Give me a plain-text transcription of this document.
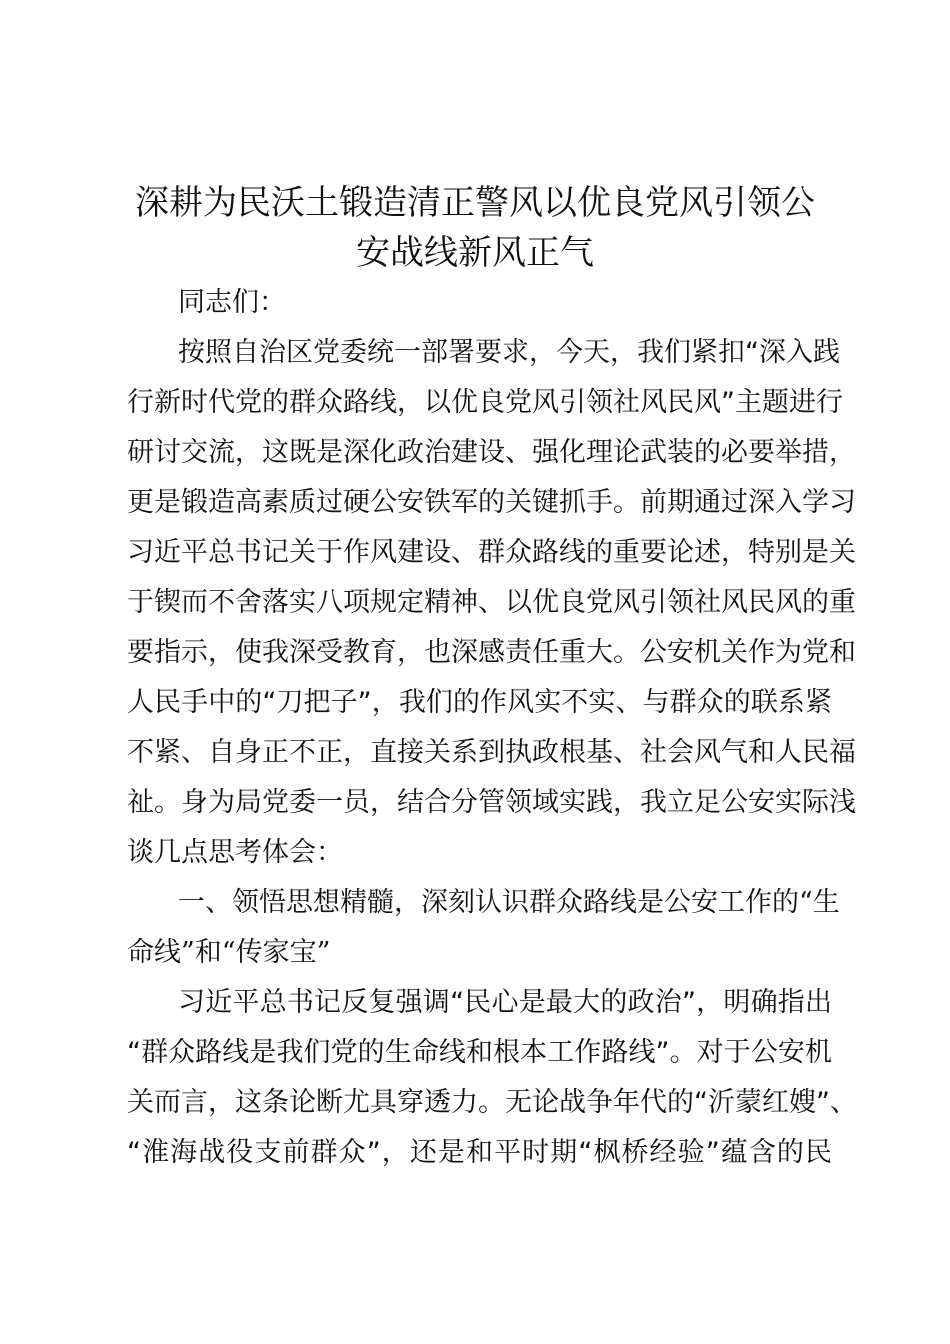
深耕为民沃土锻造清正警风以优良党风引领公
安战线新风正气
同志们：
按照自治区党委统一部署要求，今天，我们紧扣“深入践
行新时代党的群众路线，以优良党风引领社风民风”主题进行
研讨交流，这既是深化政治建设、强化理论武装的必要举措，
更是锻造高素质过硬公安铁军的关键抓手。前期通过深入学习
习近平总书记关于作风建设、群众路线的重要论述，特别是关
于锲而不舍落实八项规定精神、以优良党风引领社风民风的重
要指示，使我深受教育，也深感责任重大。公安机关作为党和
人民手中的“刀把子”，我们的作风实不实、与群众的联系紧
不紧、自身正不正，直接关系到执政根基、社会风气和人民福
祉。身为局党委一员，结合分管领域实践，我立足公安实际浅
谈几点思考体会：
一、领悟思想精髓，深刻认识群众路线是公安工作的“生
命线”和“传家宝”
习近平总书记反复强调“民心是最大的政治”，明确指出
“群众路线是我们党的生命线和根本工作路线”。对于公安机
关而言，这条论断尤具穿透力。无论战争年代的“沂蒙红嫂”、
“淮海战役支前群众”，还是和平时期“枫桥经验”蕴含的民
